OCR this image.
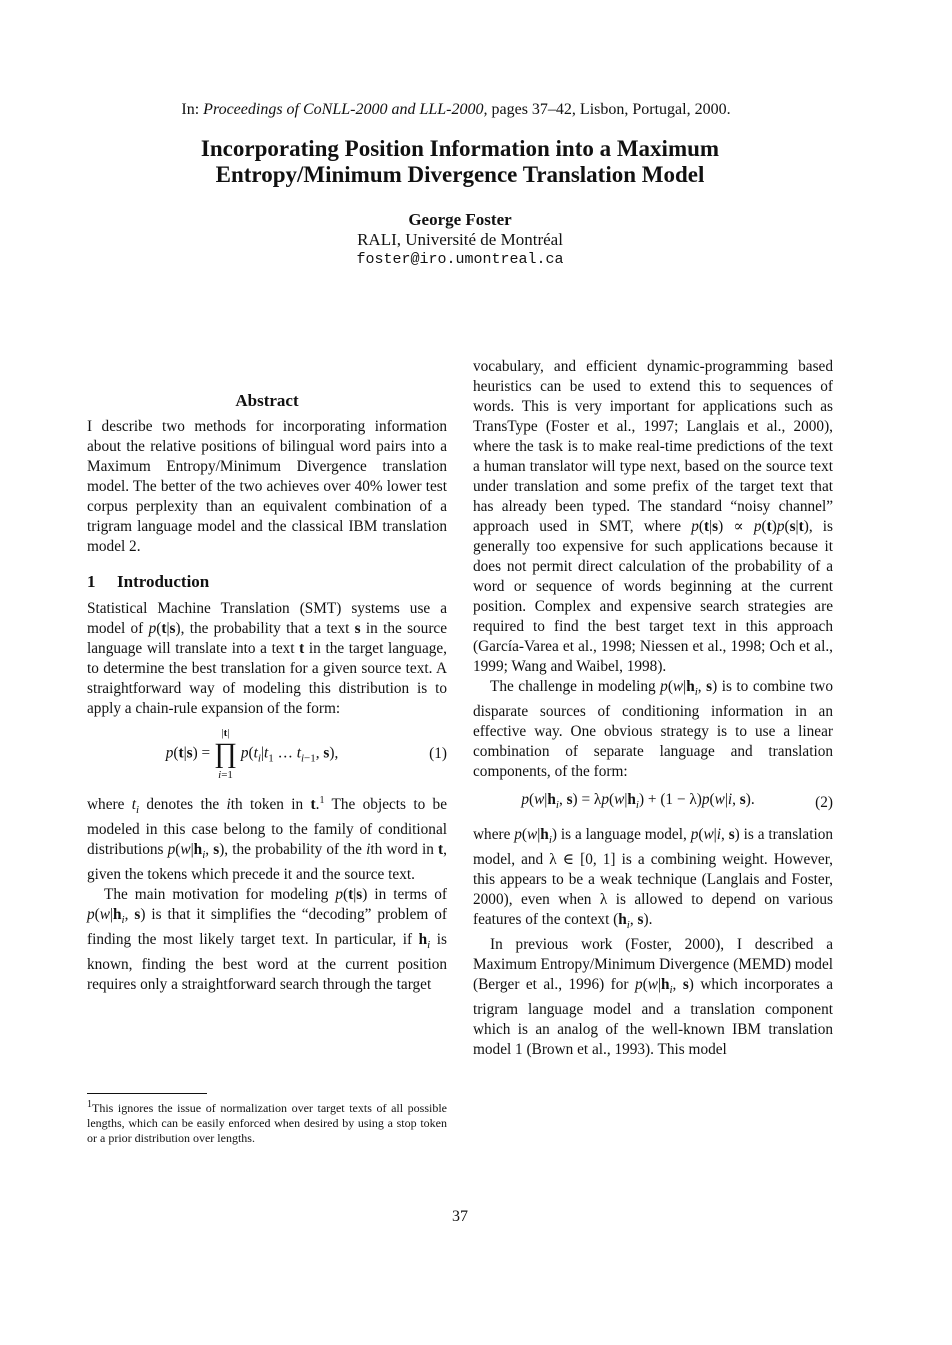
In: Proceedings of CoNLL-2000 and LLL-2000, pages 37–42, Lisbon, Portugal, 2000.
Incorporating Position Information into a Maximum
Entropy/Minimum Divergence Translation Model
George Foster
RALI, Université de Montréal
foster@iro.umontreal.ca
Abstract

I describe two methods for incorporating information about the relative positions of bilingual word pairs into a Maximum Entropy/Minimum Divergence translation model. The better of the two achieves over 40% lower test corpus perplexity than an equivalent combination of a trigram language model and the classical IBM translation model 2.

1 Introduction

Statistical Machine Translation (SMT) systems use a model of p(t|s), the probability that a text s in the source language will translate into a text t in the target language, to determine the best translation for a given source text. A straightforward way of modeling this distribution is to apply a chain-rule expansion of the form:

p(t|s) =
|t|
∏
i=1
$p(t_i|t_1$ … $t_{i-1}$, s),	(1)

where $t_i$ denotes the ith token in t.$^1$ The objects to be modeled in this case belong to the family of conditional distributions $p(w|h_i$, s), the probability of the ith word in t, given the tokens which precede it and the source text.

The main motivation for modeling p(t|s) in terms of $p(w|h_i$, s) is that it simplifies the “decoding” problem of finding the most likely target text. In particular, if $h_i$ is known, finding the best word at the current position requires only a straightforward search through the target

$^1$This ignores the issue of normalization over target texts of all possible lengths, which can be easily enforced when desired by using a stop token or a prior distribution over lengths.

vocabulary, and efficient dynamic-programming based heuristics can be used to extend this to sequences of words. This is very important for applications such as TransType (Foster et al., 1997; Langlais et al., 2000), where the task is to make real-time predictions of the text a human translator will type next, based on the source text under translation and some prefix of the target text that has already been typed. The standard “noisy channel” approach used in SMT, where p(t|s) ∝ p(t)p(s|t), is generally too expensive for such applications because it does not permit direct calculation of the probability of a word or sequence of words beginning at the current position. Complex and expensive search strategies are required to find the best target text in this approach (García-Varea et al., 1998; Niessen et al., 1998; Och et al., 1999; Wang and Waibel, 1998).

The challenge in modeling $p(w|h_i$, s) is to combine two disparate sources of conditioning information in an effective way. One obvious strategy is to use a linear combination of separate language and translation components, of the form:

$p(w|h_i$, $s) = \lambda p(w|h_i) + (1 - \lambda)p(w|i$, s).	(2)

where $p(w|h_i)$ is a language model, p(w|i, s) is a translation model, and λ ∈ [0, 1] is a combining weight. However, this appears to be a weak technique (Langlais and Foster, 2000), even when λ is allowed to depend on various features of the context ($h_i$, s).

In previous work (Foster, 2000), I described a Maximum Entropy/Minimum Divergence (MEMD) model (Berger et al., 1996) for $p(w|h_i$, s) which incorporates a trigram language model and a translation component which is an analog of the well-known IBM translation model 1 (Brown et al., 1993). This model

37
